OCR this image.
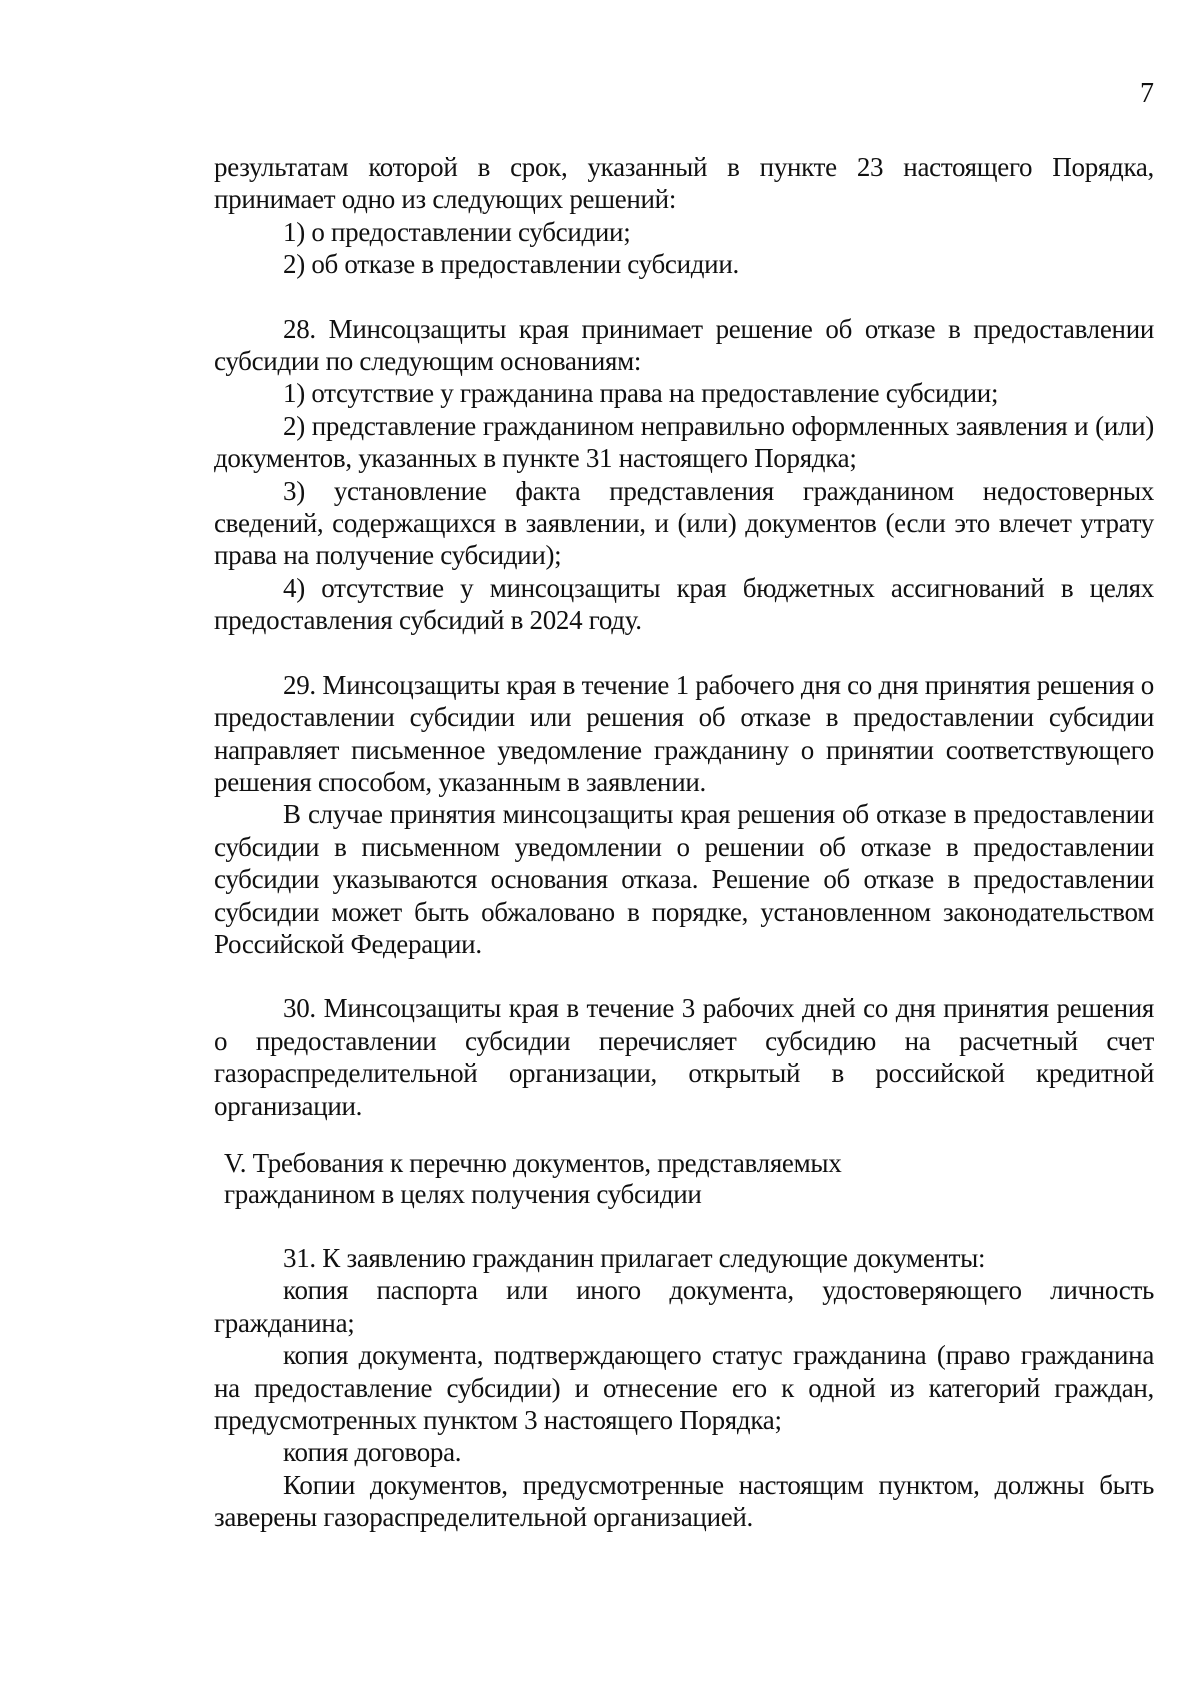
7

результатам которой в срок, указанный в пункте 23 настоящего Порядка, принимает одно из следующих решений:

1) о предоставлении субсидии;

2) об отказе в предоставлении субсидии.

28. Минсоцзащиты края принимает решение об отказе в предоставлении субсидии по следующим основаниям:

1) отсутствие у гражданина права на предоставление субсидии;

2) представление гражданином неправильно оформленных заявления и (или) документов, указанных в пункте 31 настоящего Порядка;

3) установление факта представления гражданином недостоверных сведений, содержащихся в заявлении, и (или) документов (если это влечет утрату права на получение субсидии);

4) отсутствие у минсоцзащиты края бюджетных ассигнований в целях предоставления субсидий в 2024 году.

29. Минсоцзащиты края в течение 1 рабочего дня со дня принятия решения о предоставлении субсидии или решения об отказе в предоставлении субсидии направляет письменное уведомление гражданину о принятии соответствующего решения способом, указанным в заявлении.

В случае принятия минсоцзащиты края решения об отказе в предоставлении субсидии в письменном уведомлении о решении об отказе в предоставлении субсидии указываются основания отказа. Решение об отказе в предоставлении субсидии может быть обжаловано в порядке, установленном законодательством Российской Федерации.

30. Минсоцзащиты края в течение 3 рабочих дней со дня принятия решения о предоставлении субсидии перечисляет субсидию на расчетный счет газораспределительной организации, открытый в российской кредитной организации.

V. Требования к перечню документов, представляемых
гражданином в целях получения субсидии

31. К заявлению гражданин прилагает следующие документы:

копия паспорта или иного документа, удостоверяющего личность гражданина;

копия документа, подтверждающего статус гражданина (право гражданина на предоставление субсидии) и отнесение его к одной из категорий граждан, предусмотренных пунктом 3 настоящего Порядка;

копия договора.

Копии документов, предусмотренные настоящим пунктом, должны быть заверены газораспределительной организацией.
